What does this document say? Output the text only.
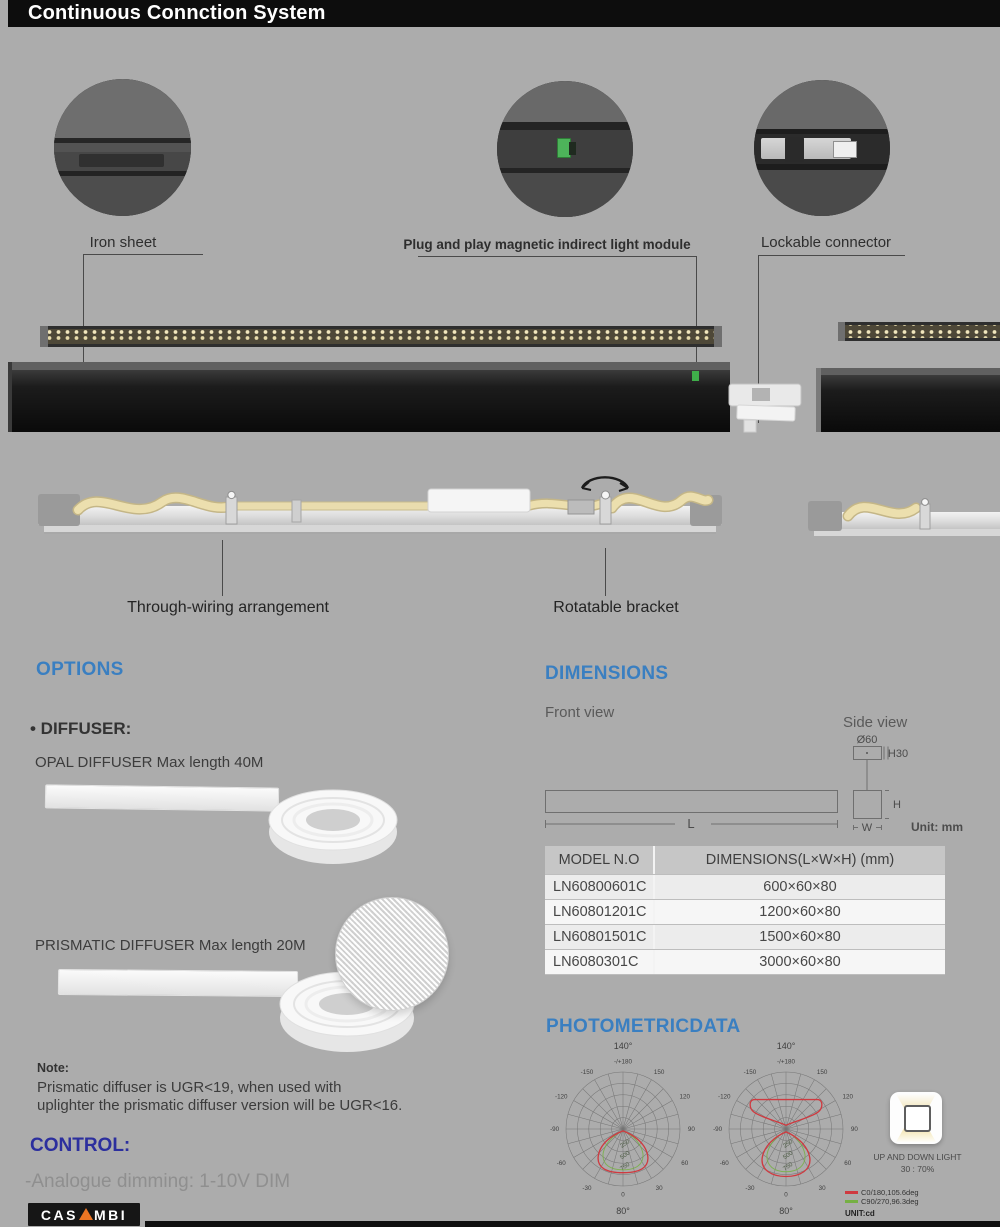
Continuous Connction System
Iron sheet	Plug and play magnetic indirect light module	Lockable connector
Through-wiring arrangement	Rotatable bracket
OPTIONS
• DIFFUSER:
OPAL DIFFUSER Max length 40M
PRISMATIC DIFFUSER Max length 20M
Note:
Prismatic diffuser is UGR<19, when used with
uplighter the prismatic diffuser version will be UGR<16.
CONTROL:
-Analogue dimming: 1-10V DIM
CAS MBI
DIMENSIONS
Front view
Side view
L
Ø60
H30
H
W	Unit: mm
MODEL N.O	DIMENSIONS(L×W×H) (mm)
LN60800601C	600×60×80
LN60801201C	1200×60×80
LN60801501C	1500×60×80
LN6080301C	3000×60×80
PHOTOMETRICDATA
140°
-/+180
-150	150
-120	120
-90	90
-60	60
-30	30
0
250
500
750
80°
140°
-/+180
-150	150
-120	120
-90	90
-60	60
-30	30
0
250
500
750
80°
C0/180,105.6deg
C90/270,96.3deg
UNIT:cd
UP AND DOWN LIGHT
30 : 70%
